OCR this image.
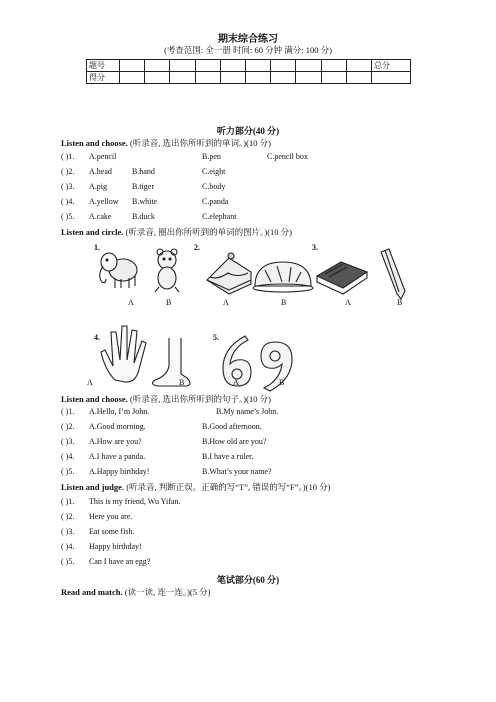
期末综合练习
(考查范围: 全一册 时间: 60 分钟 满分: 100 分)
题号											总分
得分											
听力部分(40 分)
Listen and choose. (听录音, 选出你所听到的单词。)(10 分)
( )1. A.pencil	B.pen	C.pencil box
( )2. A.head	B.hand	C.eight
( )3. A.pig	B.tiger	C.body
( )4. A.yellow B.white	C.panda
( )5. A.cake	B.duck	C.elephant
Listen and circle. (听录音, 圈出你所听到的单词的图片。)(10 分)
1.	2.	3.
4.	5.
A	B	A	B	A	B
A	B	A	B
Listen and choose. (听录音, 选出你所听到的句子。)(10 分)
( )1. A.Hello, I’m John.	B.My name’s John.
( )2. A.Good morning.	B.Good afternoon.
( )3. A.How are you?	B.How old are you?
( )4. A.I have a panda.	B.I have a ruler.
( )5. A.Happy birthday!	B.What’s your name?
Listen and judge. (听录音, 判断正误。正确的写“T”, 错误的写“F”。)(10 分)
( )1. This is my friend, Wu Yifan.
( )2. Here you are.
( )3. Eat some fish.
( )4. Happy birthday!
( )5. Can I have an egg?
笔试部分(60 分)
Read and match. (读一读, 连一连。)(5 分)
